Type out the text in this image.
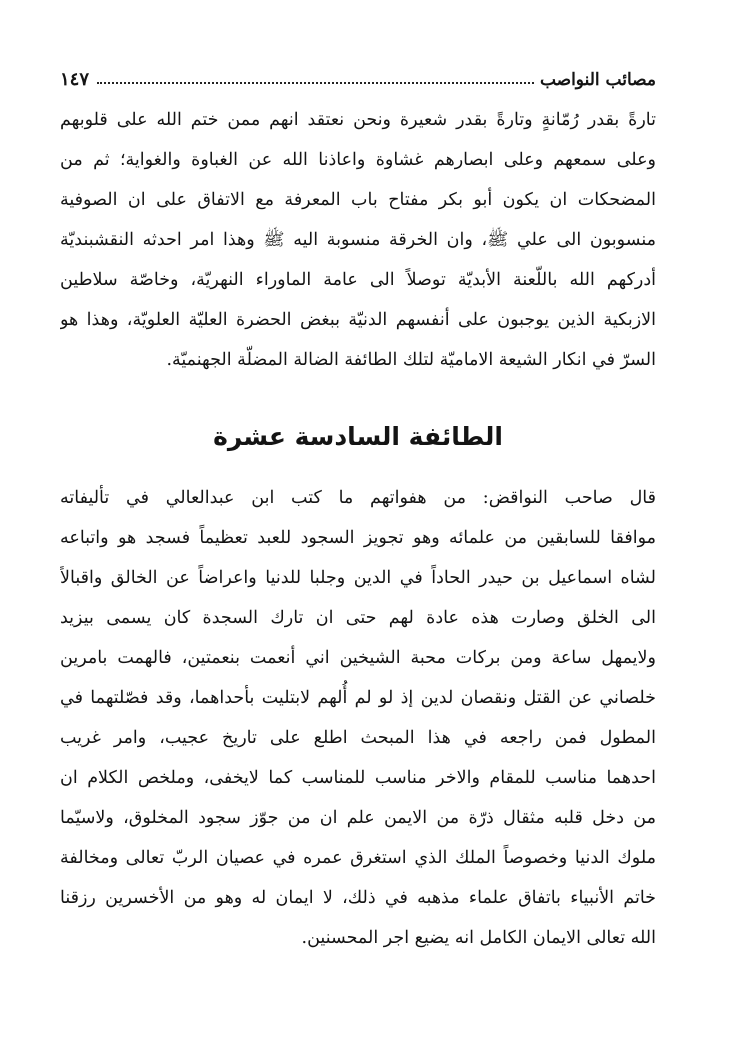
مصائب النواصب
١٤٧
تارةً بقدر رُمّانةٍ وتارةً بقدر شعيرة ونحن نعتقد انهم ممن ختم الله على قلوبهم
وعلى سمعهم وعلى ابصارهم غشاوة واعاذنا الله عن الغباوة والغواية؛ ثم من
المضحكات ان يكون أبو بكر مفتاح باب المعرفة مع الاتفاق على ان الصوفية
منسوبون الى علي ﷺ، وان الخرقة منسوبة اليه ﷺ وهذا امر احدثه النقشبنديّة
أدركهم الله باللّعنة الأبديّة توصلاً الى عامة الماوراء النهريّة، وخاصّة سلاطين
الازبكية الذين يوجبون على أنفسهم الدنيّة ببغض الحضرة العليّة العلويّة، وهذا هو
السرّ في انكار الشيعة الاماميّة لتلك الطائفة الضالة المضلّة الجهنميّة.
الطائفة السادسة عشرة
قال صاحب النواقض: من هفواتهم ما كتب ابن عبدالعالي في تأليفاته
موافقا للسابقين من علمائه وهو تجويز السجود للعبد تعظيماً فسجد هو واتباعه
لشاه اسماعيل بن حيدر الحاداً في الدين وجلبا للدنيا واعراضاً عن الخالق واقبالاً
الى الخلق وصارت هذه عادة لهم حتى ان تارك السجدة كان يسمى بيزيد
ولايمهل ساعة ومن بركات محبة الشيخين اني أنعمت بنعمتين، فالهمت بامرين
خلصاني عن القتل ونقصان لدين إذ لو لم أُلهم لابتليت بأحداهما، وقد فصّلتهما في
المطول فمن راجعه في هذا المبحث اطلع على تاريخ عجيب، وامر غريب
احدهما مناسب للمقام والاخر مناسب للمناسب كما لايخفى، وملخص الكلام ان
من دخل قلبه مثقال ذرّة من الايمن علم ان من جوّز سجود المخلوق، ولاسيّما
ملوك الدنيا وخصوصاً الملك الذي استغرق عمره في عصيان الربّ تعالى ومخالفة
خاتم الأنبياء باتفاق علماء مذهبه في ذلك، لا ايمان له وهو من الأخسرين رزقنا
الله تعالى الايمان الكامل انه يضيع اجر المحسنين.
